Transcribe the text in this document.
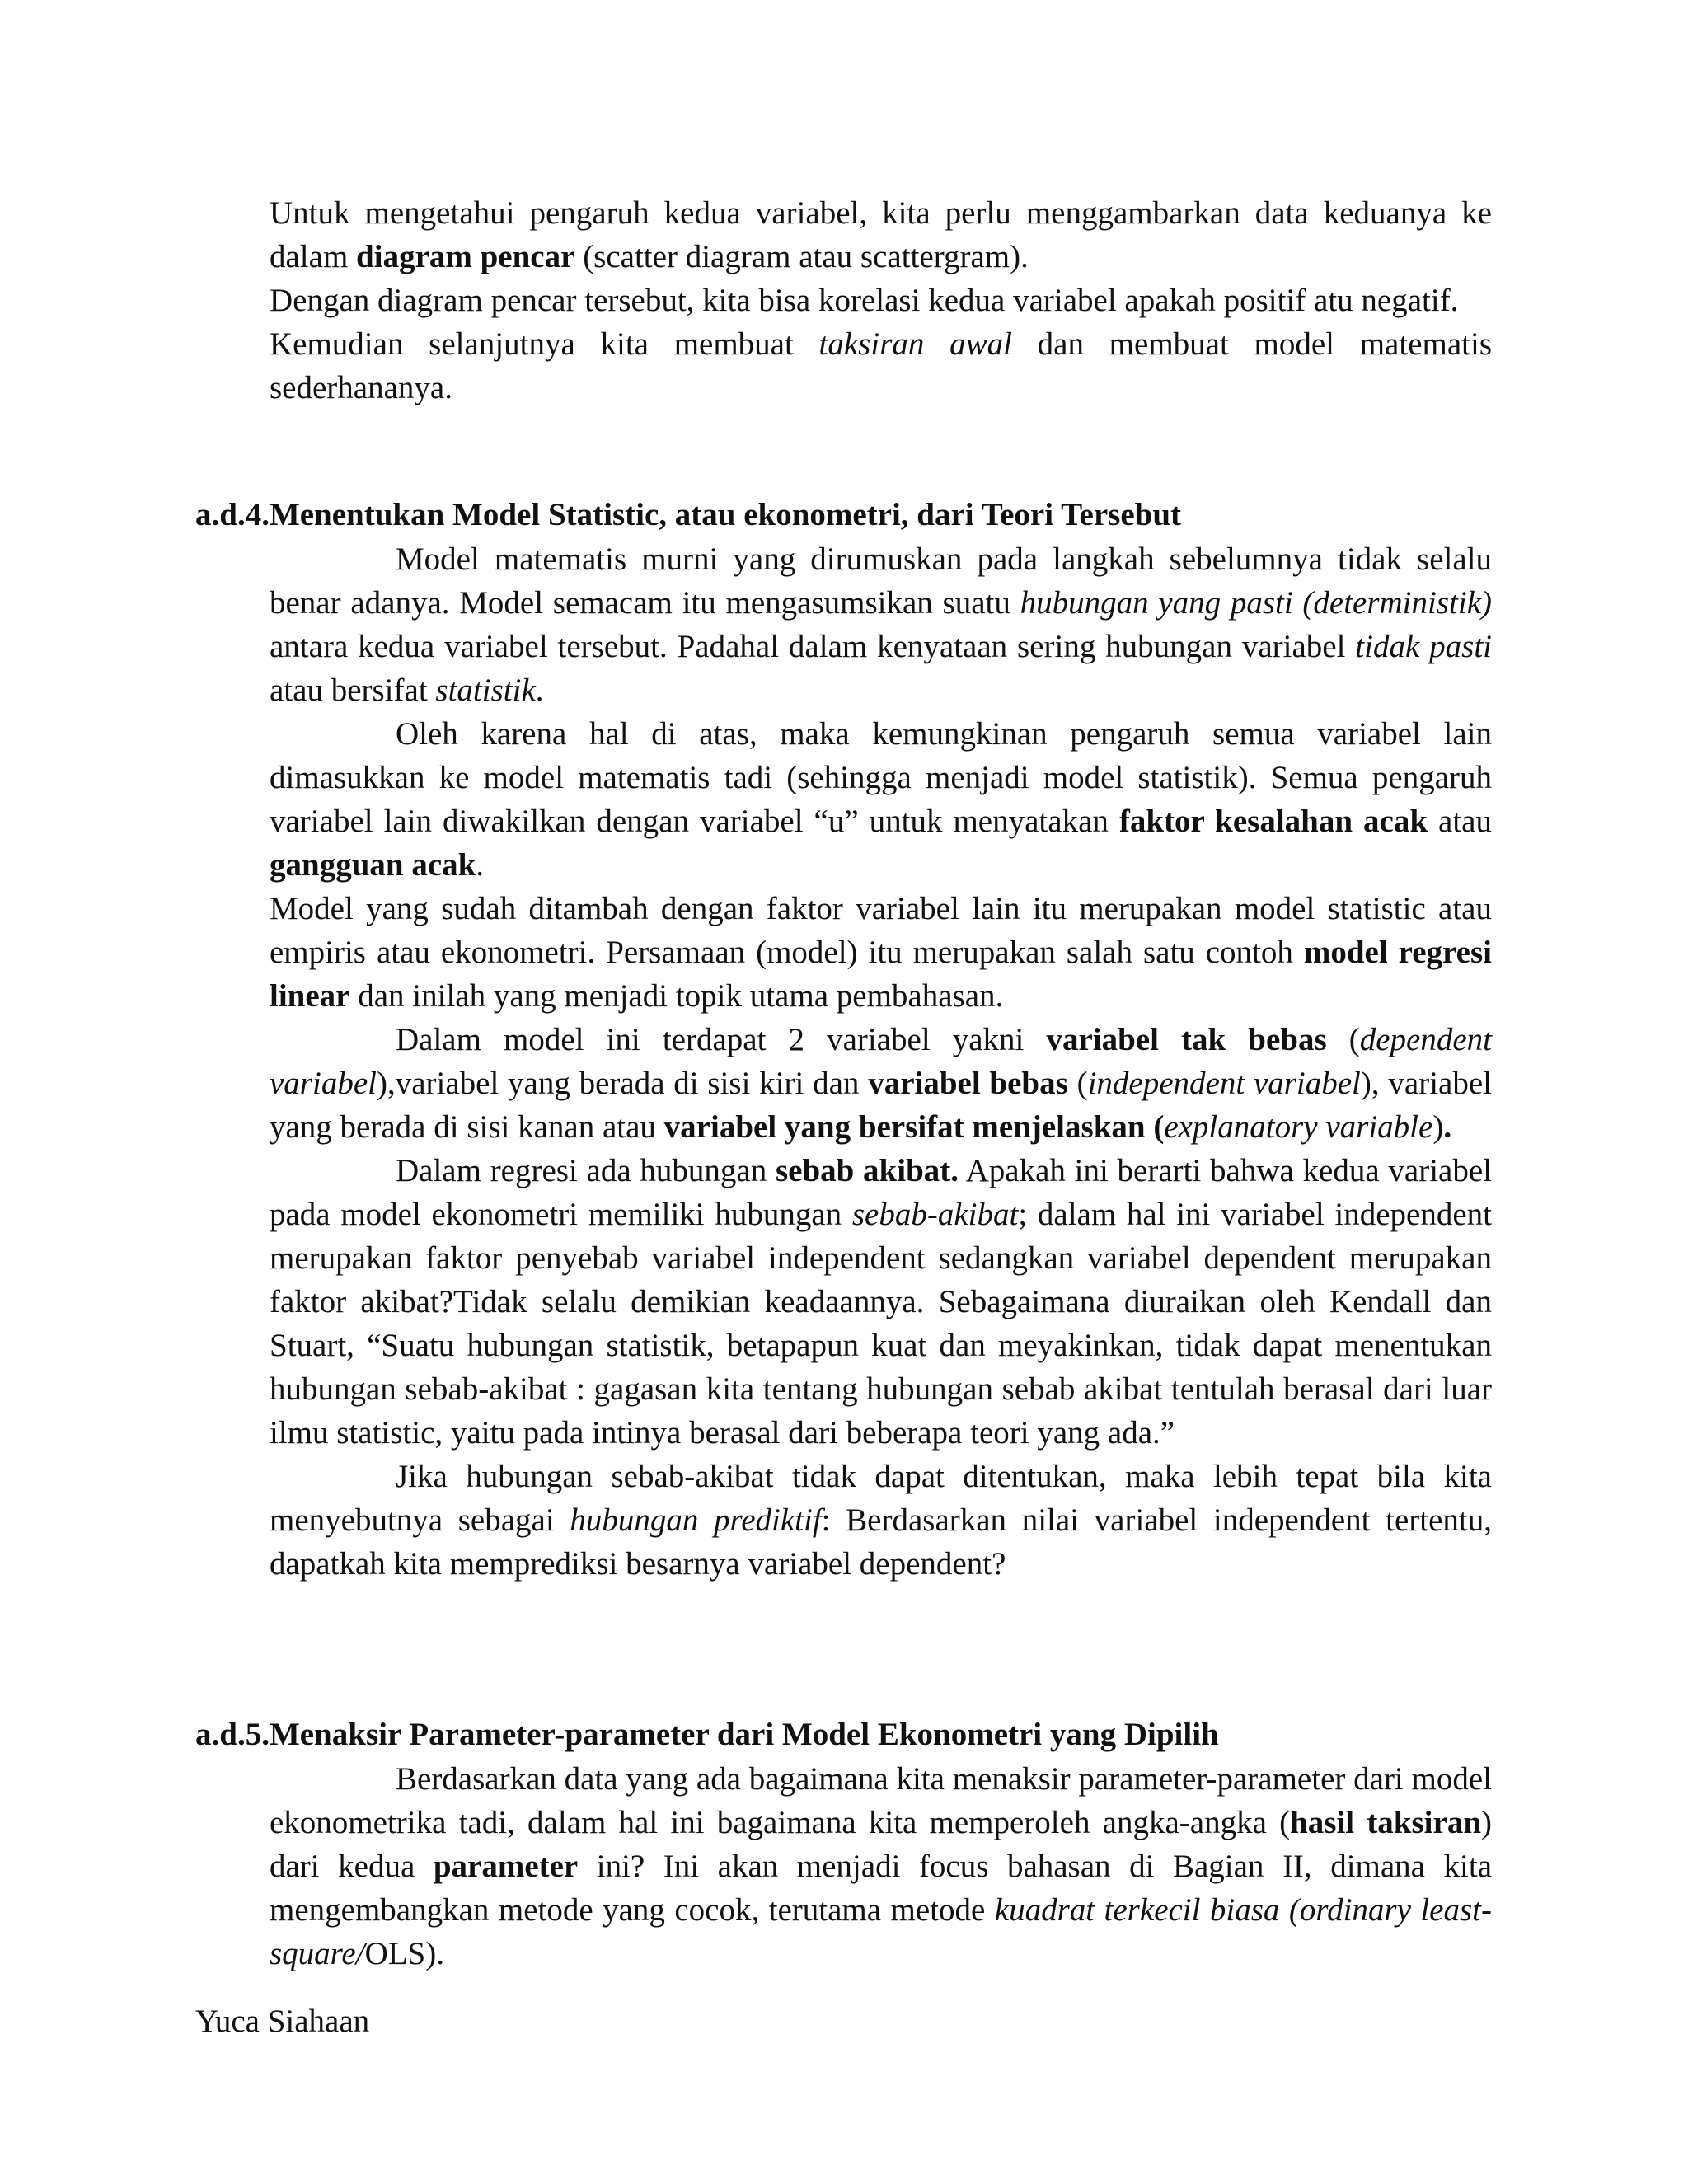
Untuk mengetahui pengaruh kedua variabel, kita perlu menggambarkan data keduanya ke dalam diagram pencar (scatter diagram atau scattergram).

Dengan diagram pencar tersebut, kita bisa korelasi kedua variabel apakah positif atu negatif.

Kemudian selanjutnya kita membuat taksiran awal dan membuat model matematis sederhananya.

a.d.4.Menentukan Model Statistic, atau ekonometri, dari Teori Tersebut

Model matematis murni yang dirumuskan pada langkah sebelumnya tidak selalu benar adanya. Model semacam itu mengasumsikan suatu hubungan yang pasti (deterministik) antara kedua variabel tersebut. Padahal dalam kenyataan sering hubungan variabel tidak pasti atau bersifat statistik.

Oleh karena hal di atas, maka kemungkinan pengaruh semua variabel lain dimasukkan ke model matematis tadi (sehingga menjadi model statistik). Semua pengaruh variabel lain diwakilkan dengan variabel “u” untuk menyatakan faktor kesalahan acak atau gangguan acak.

Model yang sudah ditambah dengan faktor variabel lain itu merupakan model statistic atau empiris atau ekonometri. Persamaan (model) itu merupakan salah satu contoh model regresi linear dan inilah yang menjadi topik utama pembahasan.

Dalam model ini terdapat 2 variabel yakni variabel tak bebas (dependent variabel),variabel yang berada di sisi kiri dan variabel bebas (independent variabel), variabel yang berada di sisi kanan atau variabel yang bersifat menjelaskan (explanatory variable).

Dalam regresi ada hubungan sebab akibat. Apakah ini berarti bahwa kedua variabel pada model ekonometri memiliki hubungan sebab-akibat; dalam hal ini variabel independent merupakan faktor penyebab variabel independent sedangkan variabel dependent merupakan faktor akibat?Tidak selalu demikian keadaannya. Sebagaimana diuraikan oleh Kendall dan Stuart, “Suatu hubungan statistik, betapapun kuat dan meyakinkan, tidak dapat menentukan hubungan sebab-akibat : gagasan kita tentang hubungan sebab akibat tentulah berasal dari luar ilmu statistic, yaitu pada intinya berasal dari beberapa teori yang ada.”

Jika hubungan sebab-akibat tidak dapat ditentukan, maka lebih tepat bila kita menyebutnya sebagai hubungan prediktif: Berdasarkan nilai variabel independent tertentu, dapatkah kita memprediksi besarnya variabel dependent?

a.d.5.Menaksir Parameter-parameter dari Model Ekonometri yang Dipilih

Berdasarkan data yang ada bagaimana kita menaksir parameter-parameter dari model ekonometrika tadi, dalam hal ini bagaimana kita memperoleh angka-angka (hasil taksiran) dari kedua parameter ini? Ini akan menjadi focus bahasan di Bagian II, dimana kita mengembangkan metode yang cocok, terutama metode kuadrat terkecil biasa (ordinary least-square/OLS).

Yuca Siahaan
